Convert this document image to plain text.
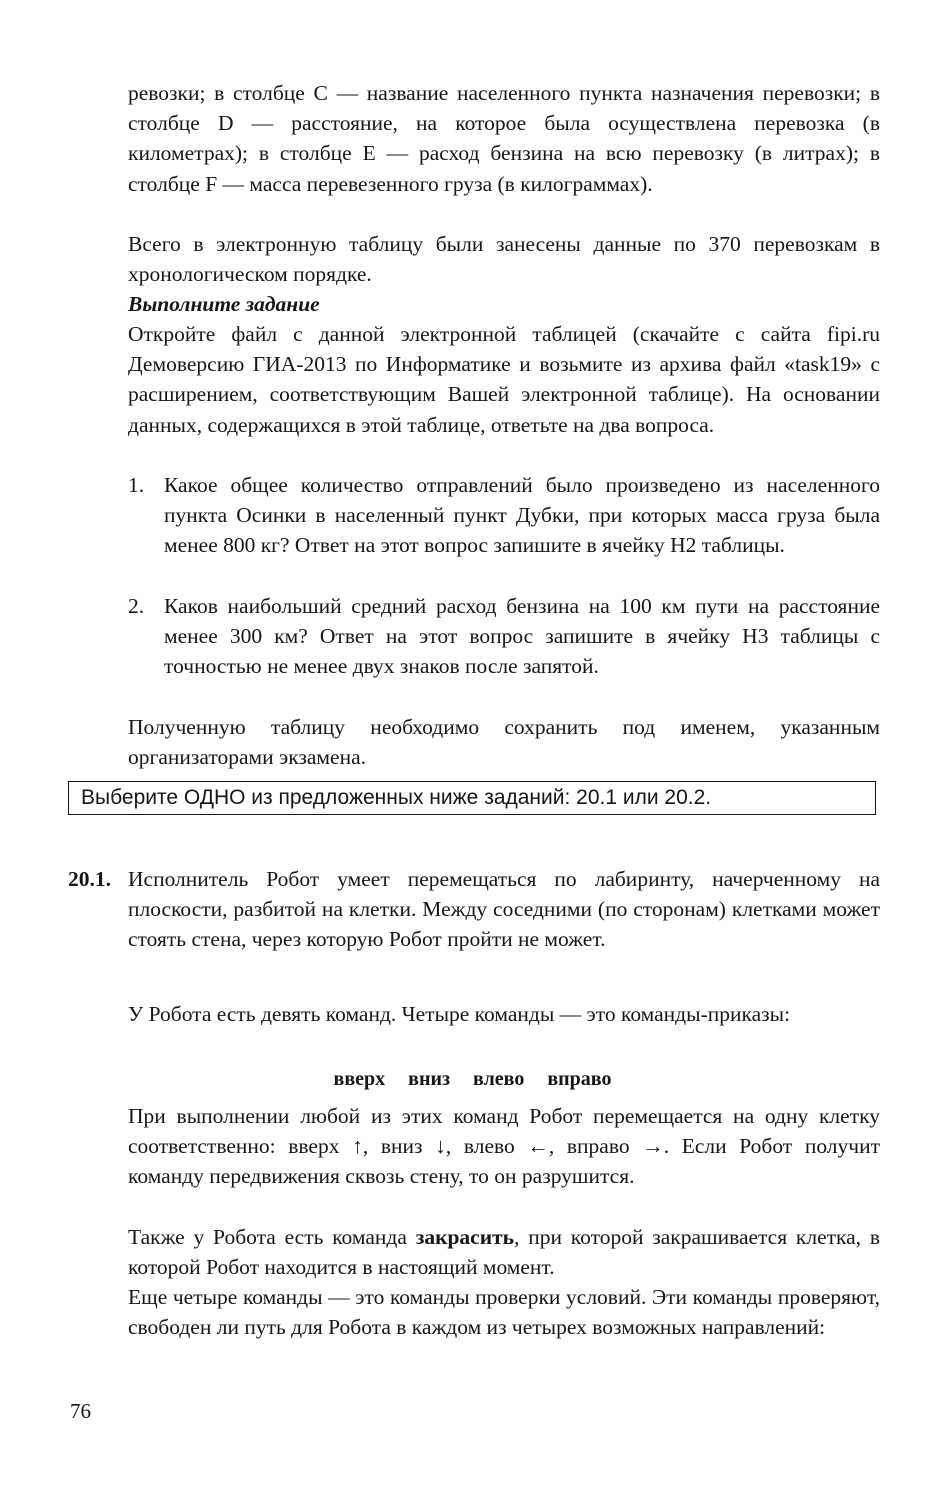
ревозки; в столбце C — название населенного пункта назначения перевозки; в столбце D — расстояние, на которое была осуществлена перевозка (в километрах); в столбце E — расход бензина на всю перевозку (в литрах); в столбце F — масса перевезенного груза (в килограммах).
Всего в электронную таблицу были занесены данные по 370 перевозкам в хронологическом порядке.
Выполните задание
Откройте файл с данной электронной таблицей (скачайте с сайта fipi.ru Демоверсию ГИА-2013 по Информатике и возьмите из архива файл «task19» с расширением, соответствующим Вашей электронной таблице). На основании данных, содержащихся в этой таблице, ответьте на два вопроса.
1. Какое общее количество отправлений было произведено из населенного пункта Осинки в населенный пункт Дубки, при которых масса груза была менее 800 кг? Ответ на этот вопрос запишите в ячейку H2 таблицы.
2. Каков наибольший средний расход бензина на 100 км пути на расстояние менее 300 км? Ответ на этот вопрос запишите в ячейку H3 таблицы с точностью не менее двух знаков после запятой.
Полученную таблицу необходимо сохранить под именем, указанным организаторами экзамена.
Выберите ОДНО из предложенных ниже заданий: 20.1 или 20.2.
20.1. Исполнитель Робот умеет перемещаться по лабиринту, начерченному на плоскости, разбитой на клетки. Между соседними (по сторонам) клетками может стоять стена, через которую Робот пройти не может.
У Робота есть девять команд. Четыре команды — это команды-приказы:
вверх вниз влево вправо
При выполнении любой из этих команд Робот перемещается на одну клетку соответственно: вверх ↑, вниз ↓, влево ←, вправо →. Если Робот получит команду передвижения сквозь стену, то он разрушится.
Также у Робота есть команда закрасить, при которой закрашивается клетка, в которой Робот находится в настоящий момент.
Еще четыре команды — это команды проверки условий. Эти команды проверяют, свободен ли путь для Робота в каждом из четырех возможных направлений:
76
